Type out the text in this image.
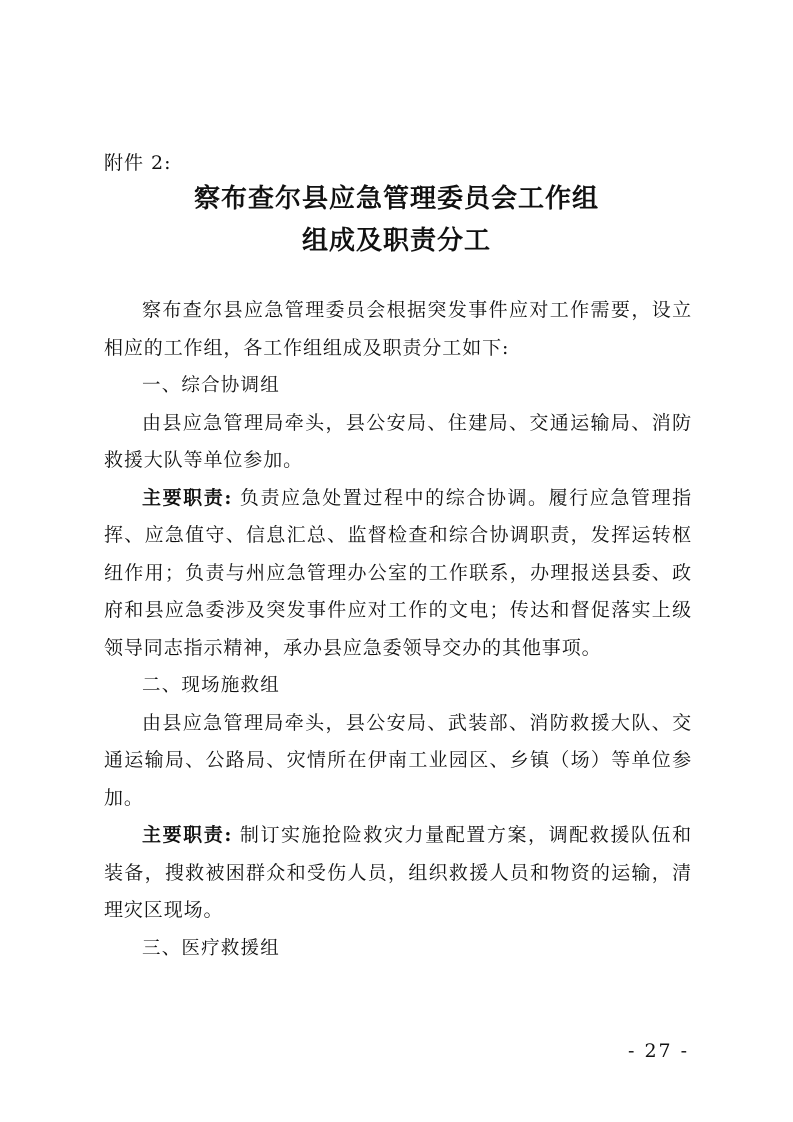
附件 2:
察布查尔县应急管理委员会工作组
组成及职责分工

察布查尔县应急管理委员会根据突发事件应对工作需要，设立相应的工作组，各工作组组成及职责分工如下:

一、综合协调组

由县应急管理局牵头，县公安局、住建局、交通运输局、消防救援大队等单位参加。

主要职责: 负责应急处置过程中的综合协调。履行应急管理指挥、应急值守、信息汇总、监督检查和综合协调职责，发挥运转枢纽作用；负责与州应急管理办公室的工作联系，办理报送县委、政府和县应急委涉及突发事件应对工作的文电；传达和督促落实上级领导同志指示精神，承办县应急委领导交办的其他事项。

二、现场施救组

由县应急管理局牵头，县公安局、武装部、消防救援大队、交通运输局、公路局、灾情所在伊南工业园区、乡镇（场）等单位参加。

主要职责: 制订实施抢险救灾力量配置方案，调配救援队伍和装备，搜救被困群众和受伤人员，组织救援人员和物资的运输，清理灾区现场。

三、医疗救援组

- 27 -
